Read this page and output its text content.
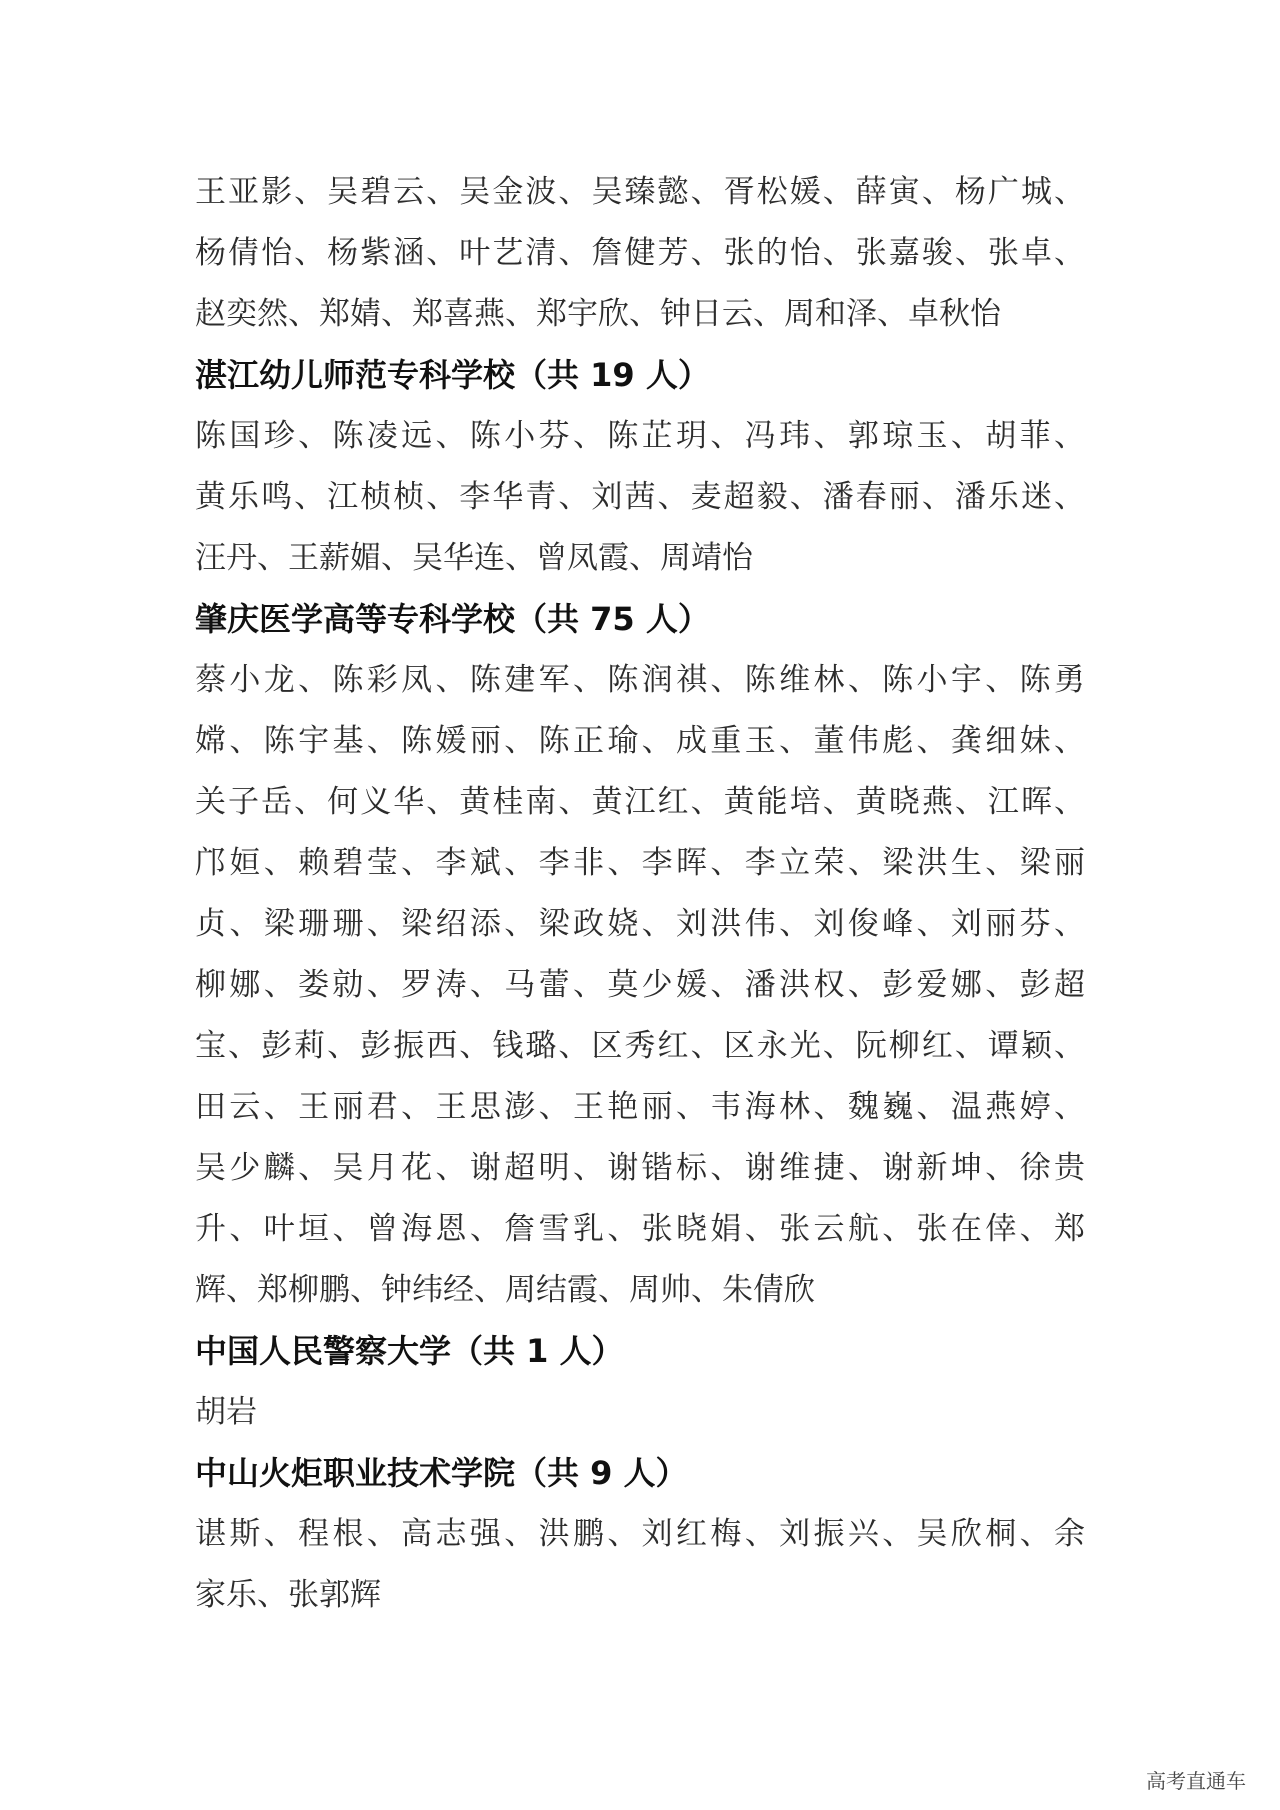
王亚影、吴碧云、吴金波、吴臻懿、胥松媛、薛寅、杨广城、
杨倩怡、杨紫涵、叶艺清、詹健芳、张的怡、张嘉骏、张卓、
赵奕然、郑婧、郑喜燕、郑宇欣、钟日云、周和泽、卓秋怡
湛江幼儿师范专科学校（共 19 人）
陈国珍、陈凌远、陈小芬、陈芷玥、冯玮、郭琼玉、胡菲、
黄乐鸣、江桢桢、李华青、刘茜、麦超毅、潘春丽、潘乐迷、
汪丹、王薪媚、吴华连、曾凤霞、周靖怡
肇庆医学高等专科学校（共 75 人）
蔡小龙、陈彩凤、陈建军、陈润祺、陈维林、陈小宇、陈勇
嫦、陈宇基、陈媛丽、陈正瑜、成重玉、董伟彪、龚细妹、
关子岳、何义华、黄桂南、黄江红、黄能培、黄晓燕、江晖、
邝姮、赖碧莹、李斌、李非、李晖、李立荣、梁洪生、梁丽
贞、梁珊珊、梁绍添、梁政娆、刘洪伟、刘俊峰、刘丽芬、
柳娜、娄勍、罗涛、马蕾、莫少媛、潘洪权、彭爱娜、彭超
宝、彭莉、彭振西、钱璐、区秀红、区永光、阮柳红、谭颖、
田云、王丽君、王思澎、王艳丽、韦海林、魏巍、温燕婷、
吴少麟、吴月花、谢超明、谢锴标、谢维捷、谢新坤、徐贵
升、叶垣、曾海恩、詹雪乳、张晓娟、张云航、张在倖、郑
辉、郑柳鹏、钟纬经、周结霞、周帅、朱倩欣
中国人民警察大学（共 1 人）
胡岩
中山火炬职业技术学院（共 9 人）
谌斯、程根、高志强、洪鹏、刘红梅、刘振兴、吴欣桐、余
家乐、张郭辉
高考直通车
